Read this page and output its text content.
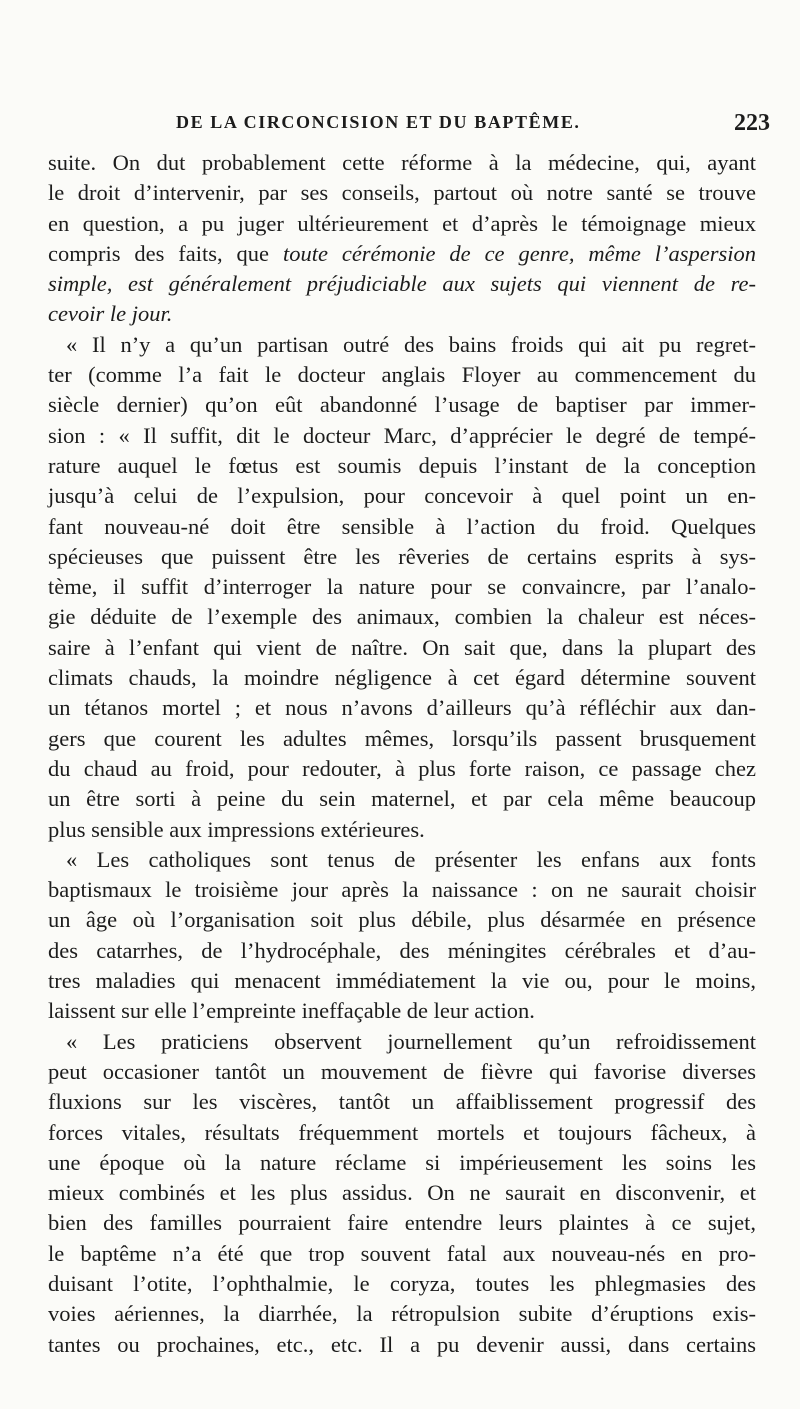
DE LA CIRCONCISION ET DU BAPTÊME.	223
suite. On dut probablement cette réforme à la médecine, qui, ayant
le droit d’intervenir, par ses conseils, partout où notre santé se trouve
en question, a pu juger ultérieurement et d’après le témoignage mieux
compris des faits, que toute cérémonie de ce genre, même l’aspersion
simple, est généralement préjudiciable aux sujets qui viennent de re-
cevoir le jour.
« Il n’y a qu’un partisan outré des bains froids qui ait pu regret-
ter (comme l’a fait le docteur anglais Floyer au commencement du
siècle dernier) qu’on eût abandonné l’usage de baptiser par immer-
sion : « Il suffit, dit le docteur Marc, d’apprécier le degré de tempé-
rature auquel le fœtus est soumis depuis l’instant de la conception
jusqu’à celui de l’expulsion, pour concevoir à quel point un en-
fant nouveau-né doit être sensible à l’action du froid. Quelques
spécieuses que puissent être les rêveries de certains esprits à sys-
tème, il suffit d’interroger la nature pour se convaincre, par l’analo-
gie déduite de l’exemple des animaux, combien la chaleur est néces-
saire à l’enfant qui vient de naître. On sait que, dans la plupart des
climats chauds, la moindre négligence à cet égard détermine souvent
un tétanos mortel ; et nous n’avons d’ailleurs qu’à réfléchir aux dan-
gers que courent les adultes mêmes, lorsqu’ils passent brusquement
du chaud au froid, pour redouter, à plus forte raison, ce passage chez
un être sorti à peine du sein maternel, et par cela même beaucoup
plus sensible aux impressions extérieures.
« Les catholiques sont tenus de présenter les enfans aux fonts
baptismaux le troisième jour après la naissance : on ne saurait choisir
un âge où l’organisation soit plus débile, plus désarmée en présence
des catarrhes, de l’hydrocéphale, des méningites cérébrales et d’au-
tres maladies qui menacent immédiatement la vie ou, pour le moins,
laissent sur elle l’empreinte ineffaçable de leur action.
« Les praticiens observent journellement qu’un refroidissement
peut occasioner tantôt un mouvement de fièvre qui favorise diverses
fluxions sur les viscères, tantôt un affaiblissement progressif des
forces vitales, résultats fréquemment mortels et toujours fâcheux, à
une époque où la nature réclame si impérieusement les soins les
mieux combinés et les plus assidus. On ne saurait en disconvenir, et
bien des familles pourraient faire entendre leurs plaintes à ce sujet,
le baptême n’a été que trop souvent fatal aux nouveau-nés en pro-
duisant l’otite, l’ophthalmie, le coryza, toutes les phlegmasies des
voies aériennes, la diarrhée, la rétropulsion subite d’éruptions exis-
tantes ou prochaines, etc., etc. Il a pu devenir aussi, dans certains
